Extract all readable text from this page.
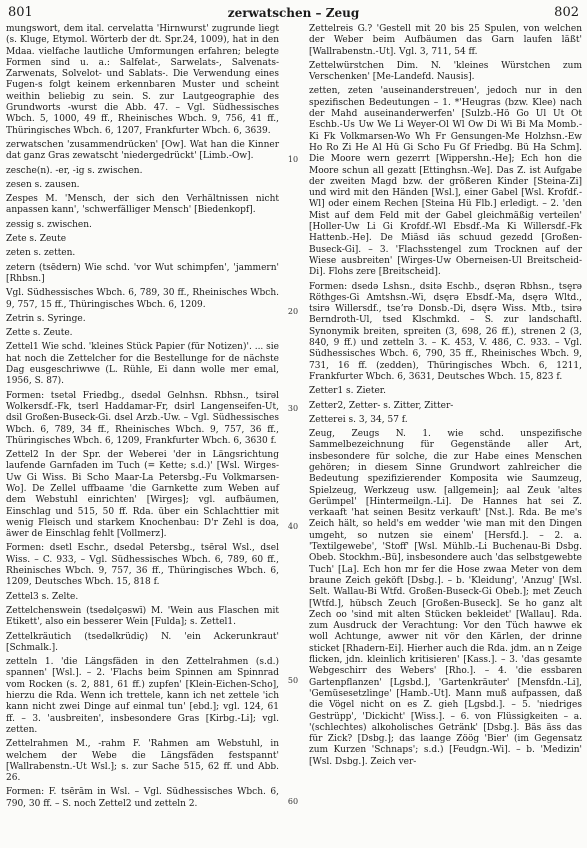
801	zerwatschen – Zeug	802
10
20
30
40
50
60

mungswort, dem ital. cervelatta 'Hirnwurst' zugrunde liegt (s. Kluge, Etymol. Wörterb der dt. Spr.24, 1009), hat in den Mdaa. vielfache lautliche Umformungen erfahren; belegte Formen sind u. a.: Salfelat-, Sarwelats-, Salvenats- Zarwenats, Solvelot- und Sablats-. Die Verwendung eines Fugen-s folgt keinem erkennbaren Muster und scheint weithin beliebig zu sein. S. zur Lautgeographie des Grundworts -wurst die Abb. 47. – Vgl. Südhessisches Wbch. 5, 1000, 49 ff., Rheinisches Wbch. 9, 756, 41 ff., Thüringisches Wbch. 6, 1207, Frankfurter Wbch. 6, 3639.

zerwatschen 'zusammendrücken' [Ow]. Wat han die Kinner dat ganz Gras zewatscht 'niedergedrückt' [Limb.-Ow].

zesche(n). -er, -ig s. zwischen.

zesen s. zausen.

Zespes M. 'Mensch, der sich den Verhältnissen nicht anpassen kann', 'schwerfälliger Mensch' [Biedenkopf].

zessig s. zwischen.

Zete s. Zeute

zeten s. zetten.

zetern (tsēdɐrn) Wie schd. 'vor Wut schimpfen', 'jammern' [Rhbsn.]

Vgl. Südhessisches Wbch. 6, 789, 30 ff., Rheinisches Wbch. 9, 757, 15 ff., Thüringisches Wbch. 6, 1209.

Zetrin s. Syringe.

Zette s. Zeute.

Zettel1 Wie schd. 'kleines Stück Papier (für Notizen)'. ... sie hat noch die Zettelcher for die Bestellunge for de nächste Dag eusgeschriwwe (L. Rühle, Ei dann wolle mer emal, 1956, S. 87).

Formen: tsetəl Friedbg., dsedəl Gelnhsn. Rbhsn., tsirəl Wolkersdf.-Fk, tserl Haddamar-Fr, dsirl Langenseifen-Ut, dsil Großen-Buseck-Gi. dsel Arzb.-Uw. – Vgl. Südhessisches Wbch. 6, 789, 34 ff., Rheinisches Wbch. 9, 757, 36 ff., Thüringisches Wbch. 6, 1209, Frankfurter Wbch. 6, 3630 f.

Zettel2 In der Spr. der Weberei 'der in Längsrichtung laufende Garnfaden im Tuch (= Kette; s.d.)' [Wsl. Wirges-Uw Gi Wiss. Bi Scho Maar-La Petersbg.-Fu Volkmarsen-Wo]. De Zellel uffbaame 'die Garnkette zum Weben auf dem Webstuhl einrichten' [Wirges]; vgl. aufbäumen, Einschlag und 515, 50 ff. Rda. über ein Schlachttier mit wenig Fleisch und starkem Knochenbau: D'r Zehl is doa, äwer de Einschlag fehlt [Vollmerz].

Formen: dsetl Eschr., dsedəl Petersbg., tsērəl Wsl., dsel Wiss. – C. 933, – Vgl. Südhessisches Wbch. 6, 789, 60 ff., Rheinisches Wbch. 9, 757, 36 ff., Thüringisches Wbch. 6, 1209, Deutsches Wbch. 15, 818 f.

Zettel3 s. Zelte.

Zettelchenswein (tsedəlçəswī) M. 'Wein aus Flaschen mit Etikett', also ein besserer Wein [Fulda]; s. Zettel1.

Zettelkräutich (tsedəlkrüdiç) N. 'ein Ackerunkraut' [Schmalk.].

zetteln 1. 'die Längsfäden in den Zettelrahmen (s.d.) spannen' [Wsl.]. – 2. 'Flachs beim Spinnen am Spinnrad vom Rocken (s. 2, 881, 61 ff.) zupfen' [Klein-Eichen-Scho], hierzu die Rda. Wenn ich trettele, kann ich net zettele 'ich kann nicht zwei Dinge auf einmal tun' [ebd.]; vgl. 124, 61 ff. – 3. 'ausbreiten', insbesondere Gras [Kirbg.-Li]; vgl. zetten.

Zettelrahmen M., -rahm F. 'Rahmen am Webstuhl, in welchem der Webe die Längsfäden festspannt' [Wallrabenstn.-Ut Wsl.]; s. zur Sache 515, 62 ff. und Abb. 26.

Formen: F. tsērām in Wsl. – Vgl. Südhessisches Wbch. 6, 790, 30 ff. – S. noch Zettel2 und zetteln 2.

Zettelreis G.? 'Gestell mit 20 bis 25 Spulen, von welchen der Weber beim Aufbäumen das Garn laufen läßt' [Wallrabenstn.-Ut]. Vgl. 3, 711, 54 ff.

Zettelwürstchen Dim. N. 'kleines Würstchen zum Verschenken' [Me-Landefd. Nausis].

zetten, zeten 'auseinanderstreuen', jedoch nur in den spezifischen Bedeutungen – 1. *'Heugras (bzw. Klee) nach der Mahd auseinanderwerfen' [Sulzb.-Hö Go Ul Ut Ot Eschb.-Us Uw We Li Weyer-Ol Wl Ow Di Wi Bi Ma Momb.-Ki Fk Volkmarsen-Wo Wh Fr Gensungen-Me Holzhsn.-Ew Ho Ro Zi He Al Hü Gi Scho Fu Gf Friedbg. Bü Ha Schm]. Die Moore wern gezerrt [Wippershn.-He]; Ech hon die Moore schun all gezatt [Ettinghsn.-We]. Das Z. ist Aufgabe der zweiten Magd bzw. der größeren Kinder [Steina-Zi] und wird mit den Händen [Wsl.], einer Gabel [Wsl. Krofdf.-Wl] oder einem Rechen [Steina Hü Flb.] erledigt. – 2. 'den Mist auf dem Feld mit der Gabel gleichmäßig verteilen' [Holler-Uw Li Gi Krofdf.-Wl Ebsdf.-Ma Ki Willersdf.-Fk Hattenb.-He]. De Miäsd iäs schuud gezedd [Großen-Buseck-Gi]. – 3. 'Flachsstengel zum Trocknen auf der Wiese ausbreiten' [Wirges-Uw Oberneisen-Ul Breitscheid-Di]. Flohs zere [Breitscheid].

Formen: dsedə Lshsn., dsitə Eschb., dsęrən Rbhsn., tsęrə Röthges-Gi Amtshsn.-Wi, dsęrə Ebsdf.-Ma, dsęrə Wltd., tsirə Willersdf., tseʼrə Donsb.-Di, dsęrə Wiss. Mtb., tsirə Berndroth-Ul, tsed Klschmkd. – S. zur landschaftl. Synonymik breiten, spreiten (3, 698, 26 ff.), strenen 2 (3, 840, 9 ff.) und zetteln 3. – K. 453, V. 486, C. 933. – Vgl. Südhessisches Wbch. 6, 790, 35 ff., Rheinisches Wbch. 9, 731, 16 ff. (zedden), Thüringisches Wbch. 6, 1211, Frankfurter Wbch. 6, 3631, Deutsches Wbch. 15, 823 f.

Zetter1 s. Zieter.

Zetter2, Zetter- s. Zitter, Zitter-

Zetterei s. 3, 34, 57 f.

Zeug, Zeugs N. 1. wie schd. unspezifische Sammelbezeichnung für Gegenstände aller Art, insbesondere für solche, die zur Habe eines Menschen gehören; in diesem Sinne Grundwort zahlreicher die Bedeutung spezifizierender Komposita wie Saumzeug, Spielzeug, Werkzeug usw. [allgemein]; aal Zeuk 'altes Gerümpel' [Hintermeilgn.-Li]. De Hannes hat sei Z. verkaaft 'hat seinen Besitz verkauft' [Nst.]. Rda. Be me's Zeich hält, so held's em wedder 'wie man mit den Dingen umgeht, so nutzen sie einem' [Hersfd.]. – 2. a. 'Textilgewebe', 'Stoff' [Wsl. Mühlb.-Li Buchenau-Bi Dsbg. Obeb. Stockhm.-Bü], insbesondere auch 'das selbstgewebte Tuch' [La]. Ech hon mr fer die Hose zwaa Meter von dem braune Zeich geköft [Dsbg.]. – b. 'Kleidung', 'Anzug' [Wsl. Selt. Wallau-Bi Wtfd. Großen-Buseck-Gi Obeb.]; met Zeuch [Wtfd.], hübsch Zeuch [Großen-Buseck]. Se ho ganz alt Zech oo 'sind mit alten Stücken bekleidet' [Wallau]. Rda. zum Ausdruck der Verachtung: Vor den Tüch hawwe ek woll Achtunge, awwer nit vör den Kärlen, der drinne sticket [Rhadern-Ei]. Hierher auch die Rda. jdm. an n Zeige flicken, jdn. kleinlich kritisieren' [Kass.]. – 3. 'das gesamte Webgeschirr des Webers' [Rho.]. – 4. 'die essbaren Gartenpflanzen' [Lgsbd.], 'Gartenkräuter' [Mensfdn.-Li], 'Gemüsesetzlinge' [Hamb.-Ut]. Mann muß aufpassen, daß die Vögel nicht on es Z. gieh [Lgsbd.]. – 5. 'niedriges Gestrüpp', 'Dickicht' [Wiss.]. – 6. von Flüssigkeiten – a. '(schlechtes) alkoholisches Getränk' [Dsbg.]. Bäs äss das für Zick? [Dsbg.]; das laange Zöög 'Bier' (im Gegensatz zum Kurzen 'Schnaps'; s.d.) [Feudgn.-Wi]. – b. 'Medizin' [Wsl. Dsbg.]. Zeich ver-
